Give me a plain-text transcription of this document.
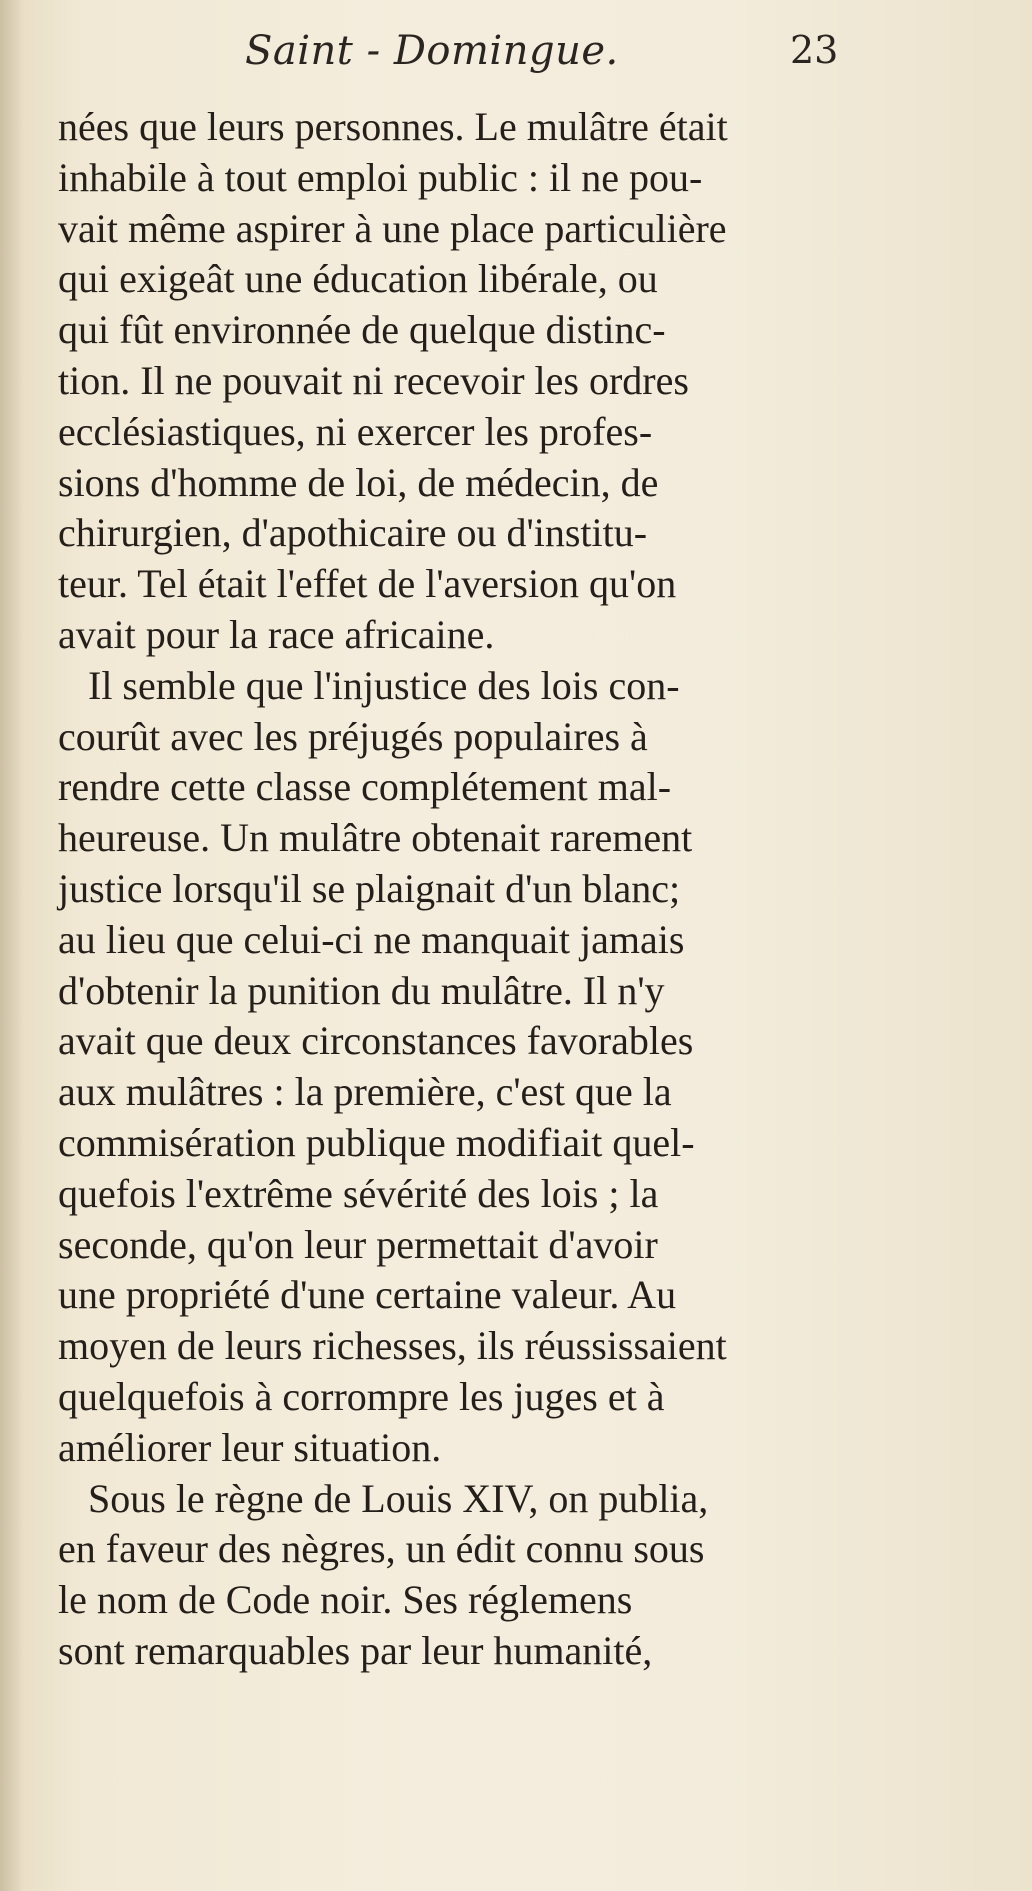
Saint - Domingue.	23
nées que leurs personnes. Le mulâtre était
inhabile à tout emploi public : il ne pou-
vait même aspirer à une place particulière
qui exigeât une éducation libérale, ou
qui fût environnée de quelque distinc-
tion. Il ne pouvait ni recevoir les ordres
ecclésiastiques, ni exercer les profes-
sions d'homme de loi, de médecin, de
chirurgien, d'apothicaire ou d'institu-
teur. Tel était l'effet de l'aversion qu'on
avait pour la race africaine.
Il semble que l'injustice des lois con-
courût avec les préjugés populaires à
rendre cette classe complétement mal-
heureuse. Un mulâtre obtenait rarement
justice lorsqu'il se plaignait d'un blanc;
au lieu que celui-ci ne manquait jamais
d'obtenir la punition du mulâtre. Il n'y
avait que deux circonstances favorables
aux mulâtres : la première, c'est que la
commisération publique modifiait quel-
quefois l'extrême sévérité des lois ; la
seconde, qu'on leur permettait d'avoir
une propriété d'une certaine valeur. Au
moyen de leurs richesses, ils réussissaient
quelquefois à corrompre les juges et à
améliorer leur situation.
Sous le règne de Louis XIV, on publia,
en faveur des nègres, un édit connu sous
le nom de Code noir. Ses réglemens
sont remarquables par leur humanité,
